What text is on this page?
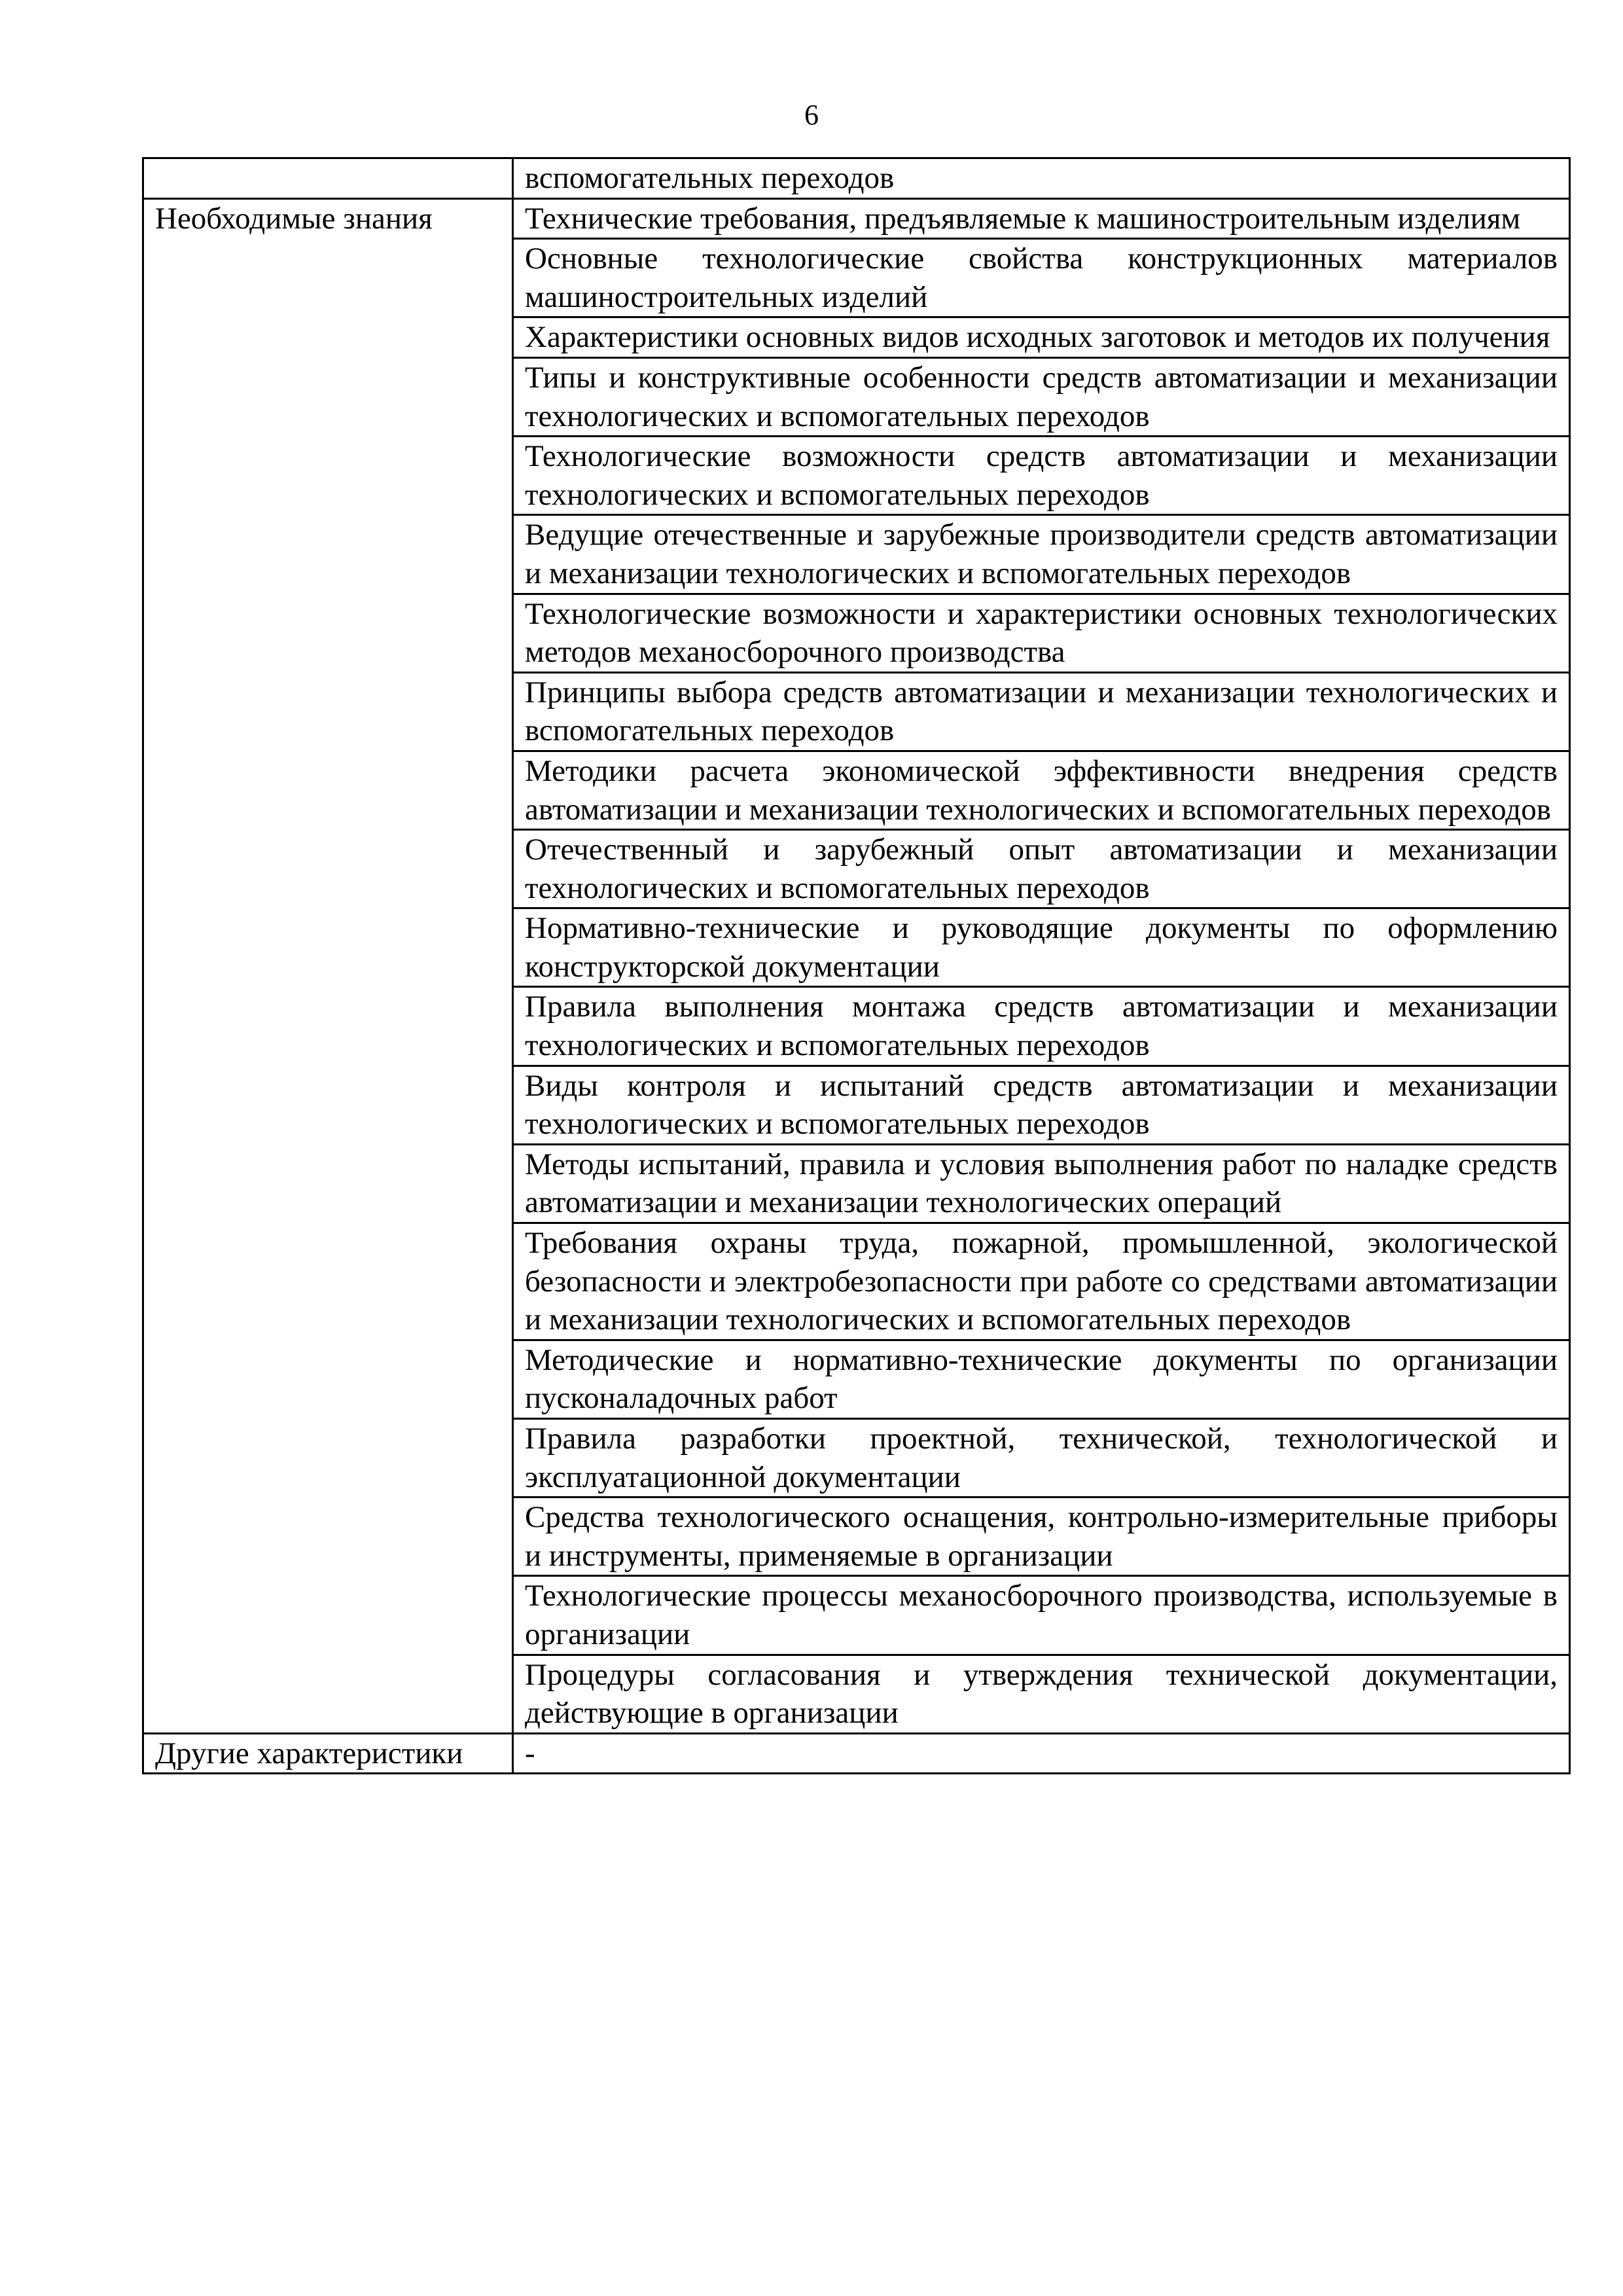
6
	вспомогательных переходов
Необходимые знания	Технические требования, предъявляемые к машиностроительным изделиям
	Основные технологические свойства конструкционных материалов машиностроительных изделий
	Характеристики основных видов исходных заготовок и методов их получения
	Типы и конструктивные особенности средств автоматизации и механизации технологических и вспомогательных переходов
	Технологические возможности средств автоматизации и механизации технологических и вспомогательных переходов
	Ведущие отечественные и зарубежные производители средств автоматизации и механизации технологических и вспомогательных переходов
	Технологические возможности и характеристики основных технологических методов механосборочного производства
	Принципы выбора средств автоматизации и механизации технологических и вспомогательных переходов
	Методики расчета экономической эффективности внедрения средств автоматизации и механизации технологических и вспомогательных переходов
	Отечественный и зарубежный опыт автоматизации и механизации технологических и вспомогательных переходов
	Нормативно-технические и руководящие документы по оформлению конструкторской документации
	Правила выполнения монтажа средств автоматизации и механизации технологических и вспомогательных переходов
	Виды контроля и испытаний средств автоматизации и механизации технологических и вспомогательных переходов
	Методы испытаний, правила и условия выполнения работ по наладке средств автоматизации и механизации технологических операций
	Требования охраны труда, пожарной, промышленной, экологической безопасности и электробезопасности при работе со средствами автоматизации и механизации технологических и вспомогательных переходов
	Методические и нормативно-технические документы по организации пусконаладочных работ
	Правила разработки проектной, технической, технологической и эксплуатационной документации
	Средства технологического оснащения, контрольно-измерительные приборы и инструменты, применяемые в организации
	Технологические процессы механосборочного производства, используемые в организации
	Процедуры согласования и утверждения технической документации, действующие в организации
Другие характеристики	-
